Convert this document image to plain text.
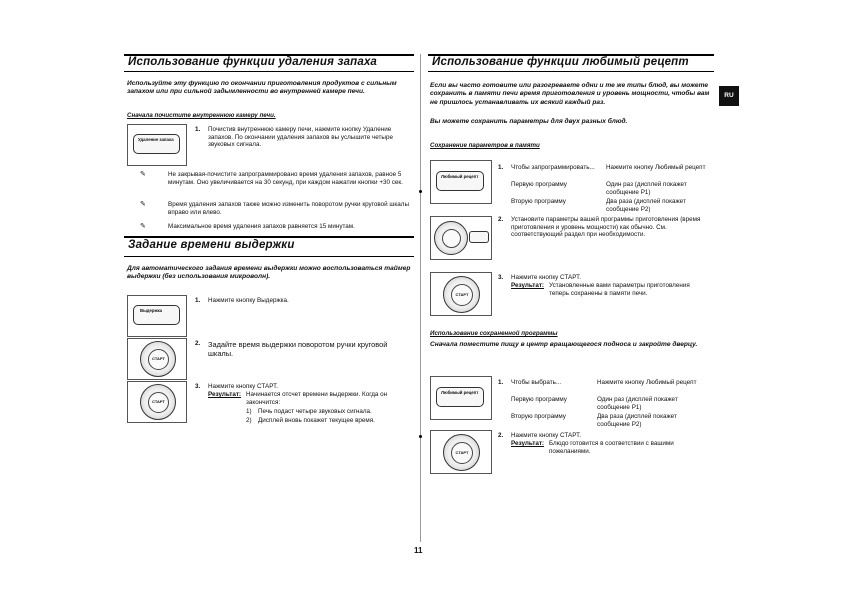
Использование функции удаления запаха
Используйте эту функцию по окончании приготовления продуктов с сильным запахом или при сильной задымленности во внутренней камере печи.
Сначала почистите внутреннюю камеру печи.
Удаление запаха
1. Почистив внутреннюю камеру печи, нажмите кнопку Удаление запахов. По окончании удаления запахов вы услышите четыре звуковых сигнала.
✎	Не закрывая-почистите запрограммировано время удаления запахов, равное 5 минутам. Оно увеличивается на 30 секунд, при каждом нажатии кнопки +30 сек.
✎	Время удаления запахов также можно изменить поворотом ручки круговой шкалы вправо или влево.
✎	Максимальное время удаления запахов равняется 15 минутам.
Задание времени выдержки
Для автоматического задания времени выдержки можно воспользоваться таймер выдержки (без использования микроволн).
Выдержка
1. Нажмите кнопку Выдержка.
СТАРТ
2. Задайте время выдержки поворотом ручки круговой шкалы.
СТАРТ
3. Нажмите кнопку СТАРТ.
Результат: Начинается отсчет времени выдержки. Когда он закончится:
1) Печь подаст четыре звуковых сигнала.
2) Дисплей вновь покажет текущее время.
Использование функции любимый рецепт
RU
Если вы часто готовите или разогреваете одни и те же типы блюд, вы можете сохранить в памяти печи время приготовления и уровень мощности, чтобы вам не пришлось устанавливать их всякий каждый раз.
Вы можете сохранить параметры для двух разных блюд.
Сохранение параметров в памяти
Любимый рецепт
1. Чтобы запрограммировать...	Нажмите кнопку Любимый рецепт
Первую программу	Один раз (дисплей покажет сообщение P1)
Вторую программу	Два раза (дисплей покажет сообщение P2)
2. Установите параметры вашей программы приготовления (время приготовления и уровень мощности) как обычно. См. соответствующий раздел при необходимости.
СТАРТ
3. Нажмите кнопку СТАРТ.
Результат: Установленные вами параметры приготовления теперь сохранены в памяти печи.
Использование сохраненной программы
Сначала поместите пищу в центр вращающегося подноса и закройте дверцу.
Любимый рецепт
1. Чтобы выбрать...	Нажмите кнопку Любимый рецепт
Первую программу	Один раз (дисплей покажет сообщение P1)
Вторую программу	Два раза (дисплей покажет сообщение P2)
СТАРТ
2. Нажмите кнопку СТАРТ.
Результат: Блюдо готовится в соответствии с вашими пожеланиями.
11
